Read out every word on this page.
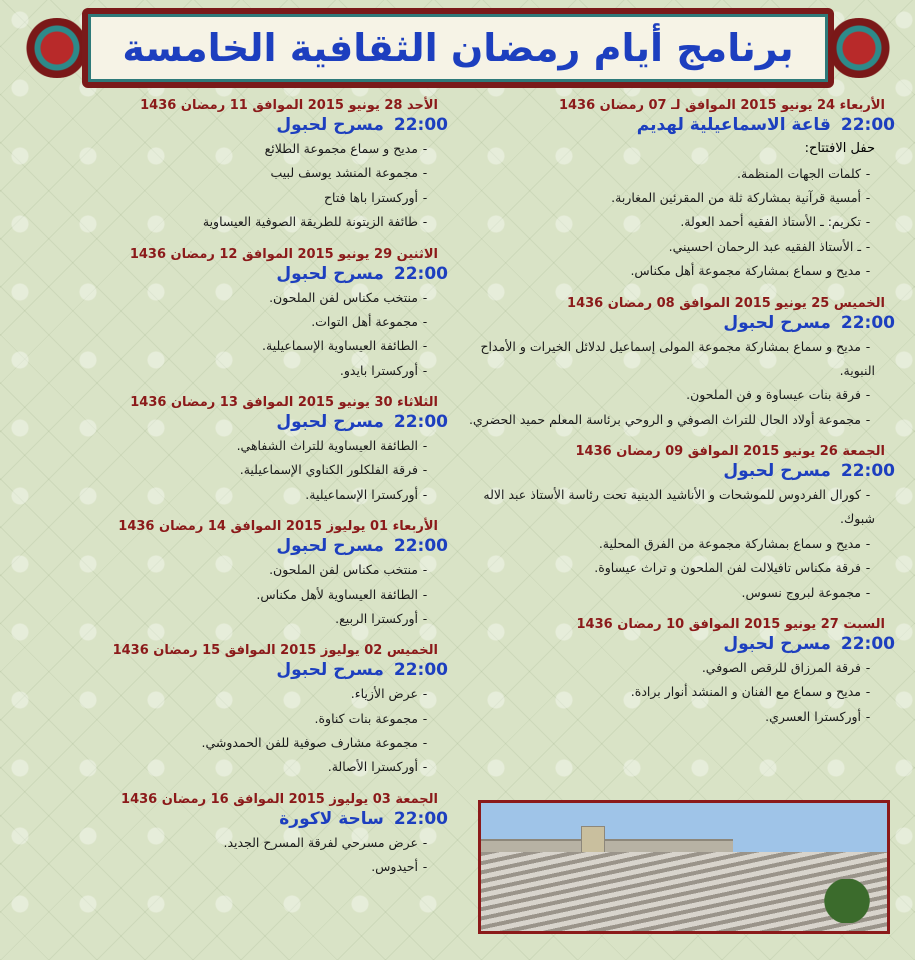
برنامج أيام رمضان الثقافية الخامسة
الأربعاء 24 يونيو 2015 الموافق لـ 07 رمضان 1436
22:00قاعة الاسماعيلية لهديم
حفل الافتتاح:
-كلمات الجهات المنظمة.
-أمسية قرآنية بمشاركة ثلة من المقرئين المغاربة.
-تكريم: ـ الأستاذ الفقيه أحمد العولة.
-ـ الأستاذ الفقيه عبد الرحمان احسيني.
-مديح و سماع بمشاركة مجموعة أهل مكناس.
الخميس 25 يونيو 2015 الموافق 08 رمضان 1436
22:00مسرح لحبول
-مديح و سماع بمشاركة مجموعة المولى إسماعيل لدلائل الخيرات و الأمداح النبوية.
-فرقة بنات عيساوة و فن الملحون.
-مجموعة أولاد الحال للتراث الصوفي و الروحي برئاسة المعلم حميد الحضري.
الجمعة 26 يونيو 2015 الموافق 09 رمضان 1436
22:00مسرح لحبول
-كورال الفردوس للموشحات و الأناشيد الدينية تحت رئاسة الأستاذ عبد الاله شبوك.
-مديح و سماع بمشاركة مجموعة من الفرق المحلية.
-فرقة مكناس تافيلالت لفن الملحون و تراث عيساوة.
-مجموعة لبروج نسوس.
السبت 27 يونيو 2015 الموافق 10 رمضان 1436
22:00مسرح لحبول
-فرقة المرزاق للرقص الصوفي.
-مديح و سماع مع الفنان و المنشد أنوار برادة.
-أوركسترا العسري.
الأحد 28 يونيو 2015 الموافق 11 رمضان 1436
22:00مسرح لحبول
-مديح و سماع مجموعة الطلائع
-مجموعة المنشد يوسف لبيب
-أوركسترا باها فتاح
-طائفة الزيتونة للطريقة الصوفية العيساوية
الاثنين 29 يونيو 2015 الموافق 12 رمضان 1436
22:00مسرح لحبول
-منتخب مكناس لفن الملحون.
-مجموعة أهل التوات.
-الطائفة العيساوية الإسماعيلية.
-أوركسترا بايدو.
الثلاثاء 30 يونيو 2015 الموافق 13 رمضان 1436
22:00مسرح لحبول
-الطائفة العيساوية للتراث الشفاهي.
-فرقة الفلكلور الكناوي الإسماعيلية.
-أوركسترا الإسماعيلية.
الأربعاء 01 يوليوز 2015 الموافق 14 رمضان 1436
22:00مسرح لحبول
-منتخب مكناس لفن الملحون.
-الطائفة العيساوية لأهل مكناس.
-أوركسترا الربيع.
الخميس 02 يوليوز 2015 الموافق 15 رمضان 1436
22:00مسرح لحبول
-عرض الأزياء.
-مجموعة بنات كناوة.
-مجموعة مشارف صوفية للفن الحمدوشي.
-أوركسترا الأصالة.
الجمعة 03 يوليوز 2015 الموافق 16 رمضان 1436
22:00ساحة لاكورة
-عرض مسرحي لفرقة المسرح الجديد.
-أحيدوس.
